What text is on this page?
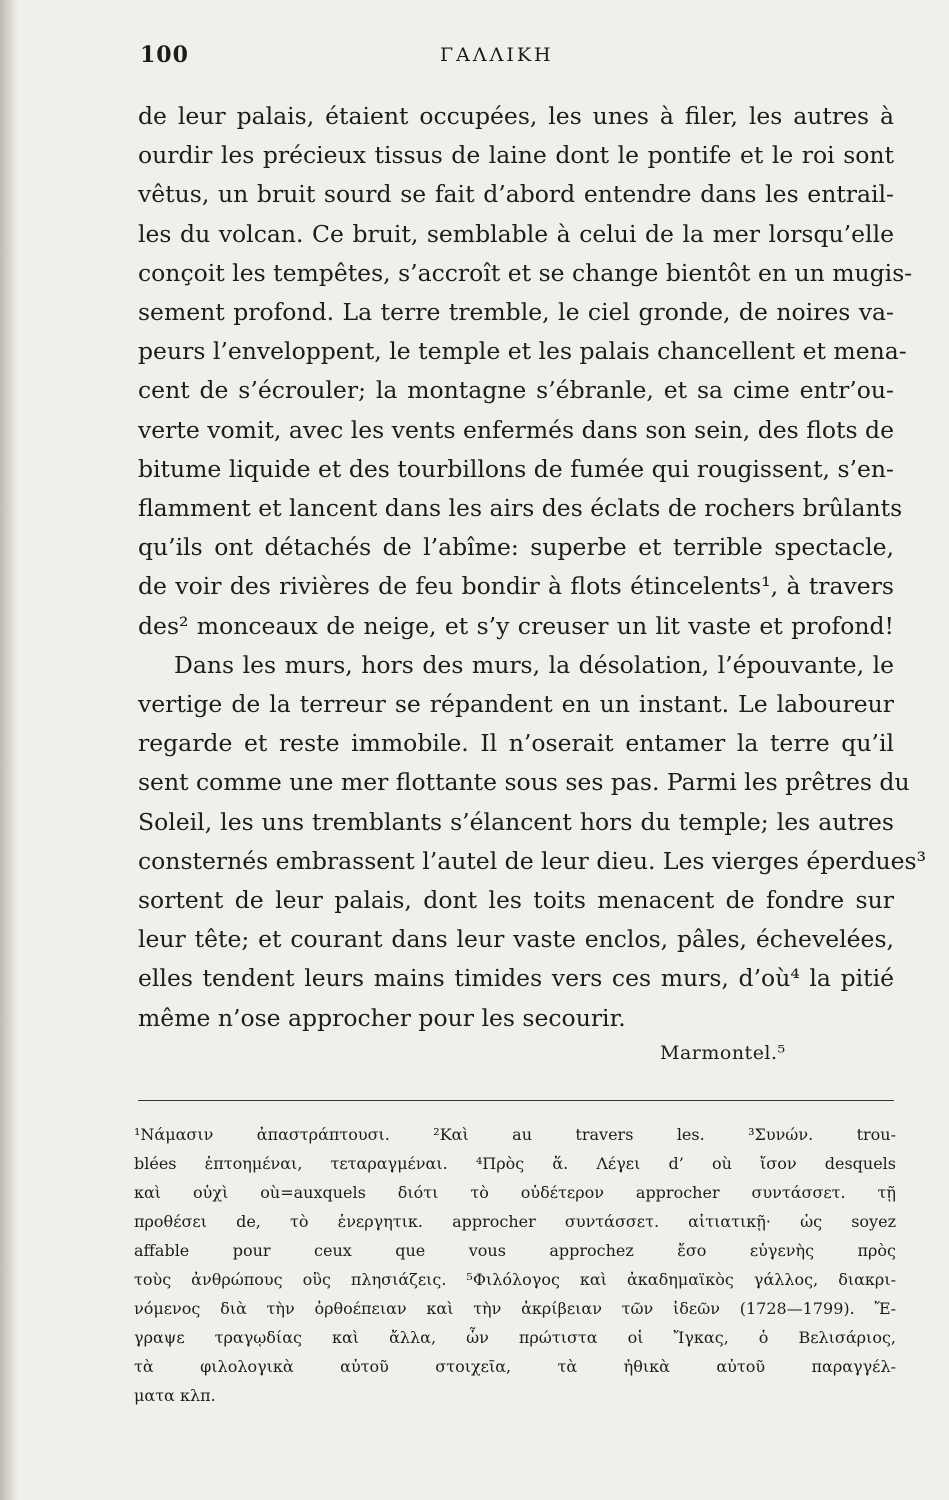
100	ΓΑΛΛΙΚΗ
de leur palais, étaient occupées, les unes à filer, les autres à
ourdir les précieux tissus de laine dont le pontife et le roi sont
vêtus, un bruit sourd se fait d’abord entendre dans les entrail-
les du volcan. Ce bruit, semblable à celui de la mer lorsqu’elle
conçoit les tempêtes, s’accroît et se change bientôt en un mugis-
sement profond. La terre tremble, le ciel gronde, de noires va-
peurs l’enveloppent, le temple et les palais chancellent et mena-
cent de s’écrouler; la montagne s’ébranle, et sa cime entr’ou-
verte vomit, avec les vents enfermés dans son sein, des flots de
bitume liquide et des tourbillons de fumée qui rougissent, s’en-
flamment et lancent dans les airs des éclats de rochers brûlants
qu’ils ont détachés de l’abîme: superbe et terrible spectacle,
de voir des rivières de feu bondir à flots étincelents¹, à travers
des² monceaux de neige, et s’y creuser un lit vaste et profond!
Dans les murs, hors des murs, la désolation, l’épouvante, le
vertige de la terreur se répandent en un instant. Le laboureur
regarde et reste immobile. Il n’oserait entamer la terre qu’il
sent comme une mer flottante sous ses pas. Parmi les prêtres du
Soleil, les uns tremblants s’élancent hors du temple; les autres
consternés embrassent l’autel de leur dieu. Les vierges éperdues³
sortent de leur palais, dont les toits menacent de fondre sur
leur tête; et courant dans leur vaste enclos, pâles, échevelées,
elles tendent leurs mains timides vers ces murs, d’où⁴ la pitié
même n’ose approcher pour les secourir.
Marmontel.⁵
¹Νάμασιν ἀπαστράπτουσι. ²Καὶ au travers les. ³Συνών. trou-
blées ἐπτοημέναι, τεταραγμέναι. ⁴Πρὸς ἅ. Λέγει d’ où ἴσον desquels
καὶ οὐχὶ où=auxquels διότι τὸ οὐδέτερον approcher συντάσσετ. τῇ
προθέσει de, τὸ ἐνεργητικ. approcher συντάσσετ. αἰτιατικῇ· ὡς soyez
affable pour ceux que vous approchez ἔσο εὐγενὴς πρὸς
τοὺς ἀνθρώπους οὓς πλησιάζεις. ⁵Φιλόλογος καὶ ἀκαδημαϊκὸς γάλλος, διακρι-
νόμενος διὰ τὴν ὀρθοέπειαν καὶ τὴν ἀκρίβειαν τῶν ἰδεῶν (1728—1799). Ἔ-
γραψε τραγῳδίας καὶ ἄλλα, ὧν πρώτιστα οἱ Ἴγκας, ὁ Βελισάριος,
τὰ φιλολογικὰ αὐτοῦ στοιχεῖα, τὰ ἠθικὰ αὐτοῦ παραγγέλ-
ματα κλπ.
